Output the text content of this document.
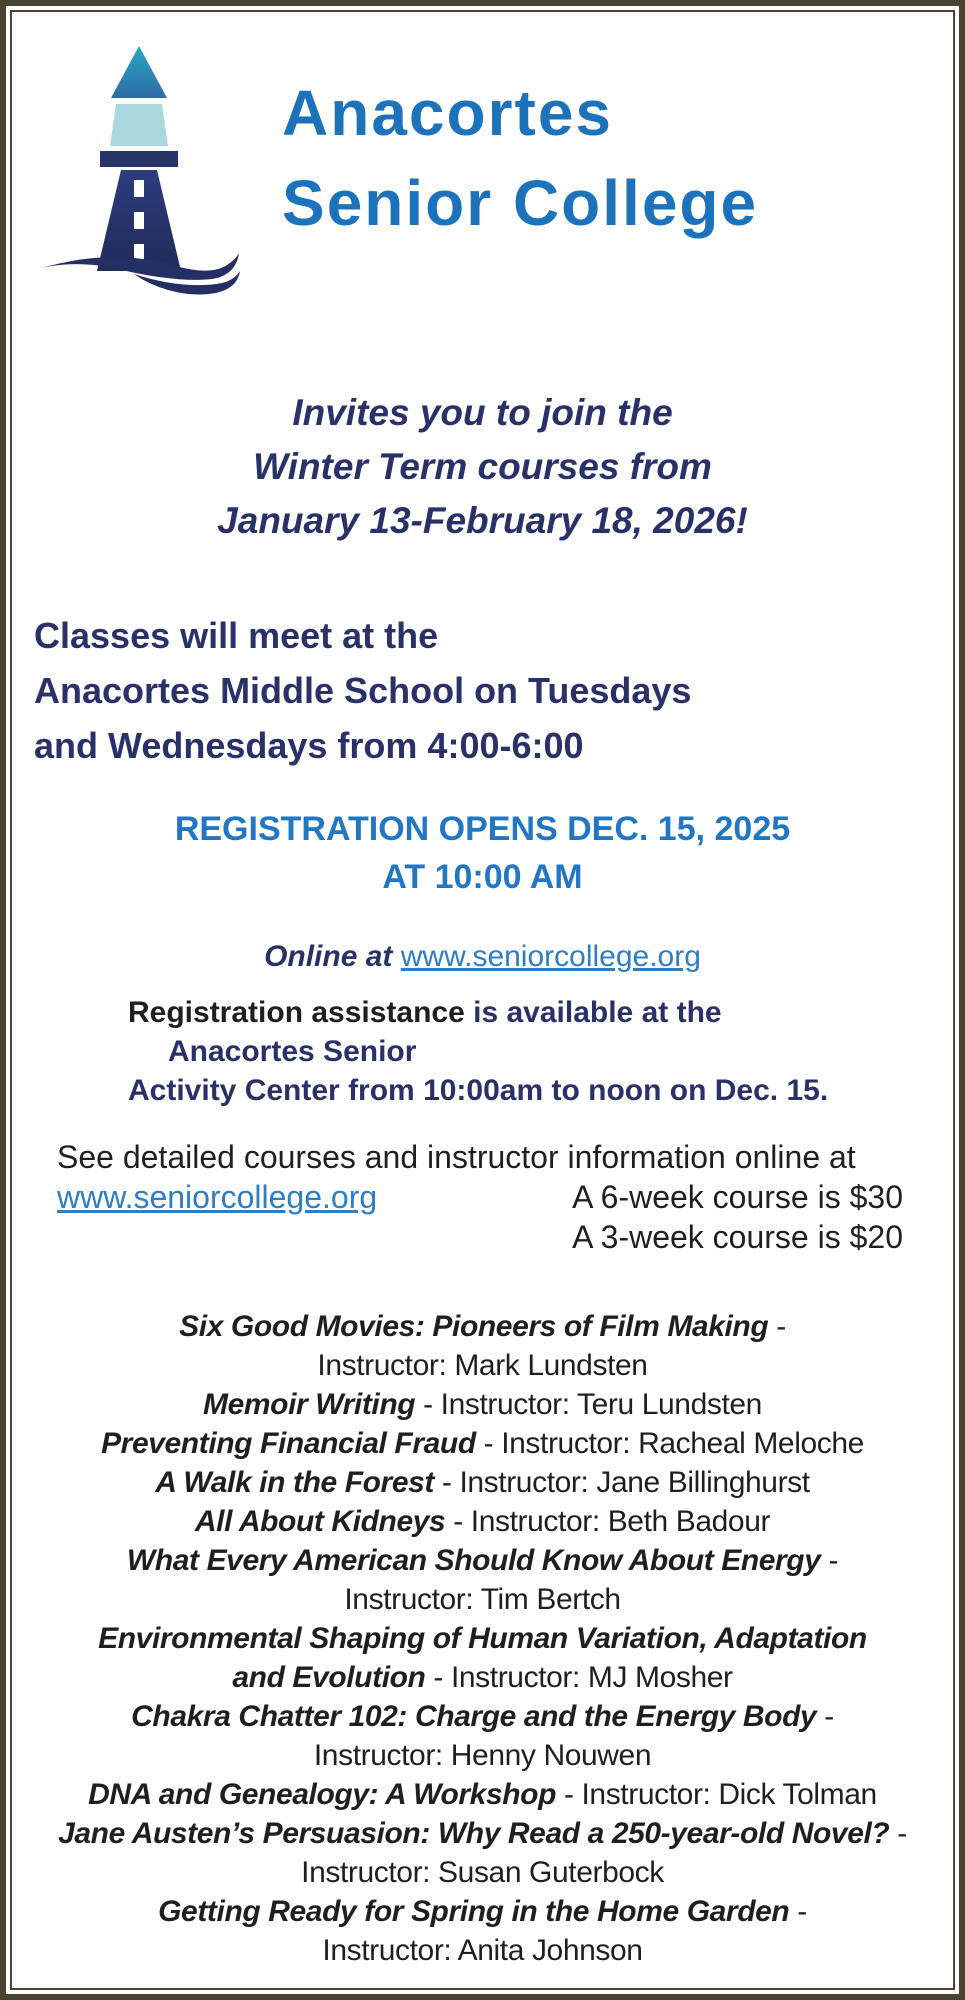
Anacortes
Senior College
Invites you to join the
Winter Term courses from
January 13-February 18, 2026!
Classes will meet at the
Anacortes Middle School on Tuesdays
and Wednesdays from 4:00-6:00
REGISTRATION OPENS DEC. 15, 2025
AT 10:00 AM
Online at www.seniorcollege.org
Registration assistance is available at the
Anacortes Senior
Activity Center from 10:00am to noon on Dec. 15.
See detailed courses and instructor information online at
www.seniorcollege.org	A 6-week course is $30
A 3-week course is $20
Six Good Movies: Pioneers of Film Making -
Instructor: Mark Lundsten
Memoir Writing - Instructor: Teru Lundsten
Preventing Financial Fraud - Instructor: Racheal Meloche
A Walk in the Forest - Instructor: Jane Billinghurst
All About Kidneys - Instructor: Beth Badour
What Every American Should Know About Energy -
Instructor: Tim Bertch
Environmental Shaping of Human Variation, Adaptation
and Evolution - Instructor: MJ Mosher
Chakra Chatter 102: Charge and the Energy Body -
Instructor: Henny Nouwen
DNA and Genealogy: A Workshop - Instructor: Dick Tolman
Jane Austen’s Persuasion: Why Read a 250-year-old Novel? -
Instructor: Susan Guterbock
Getting Ready for Spring in the Home Garden -
Instructor: Anita Johnson
